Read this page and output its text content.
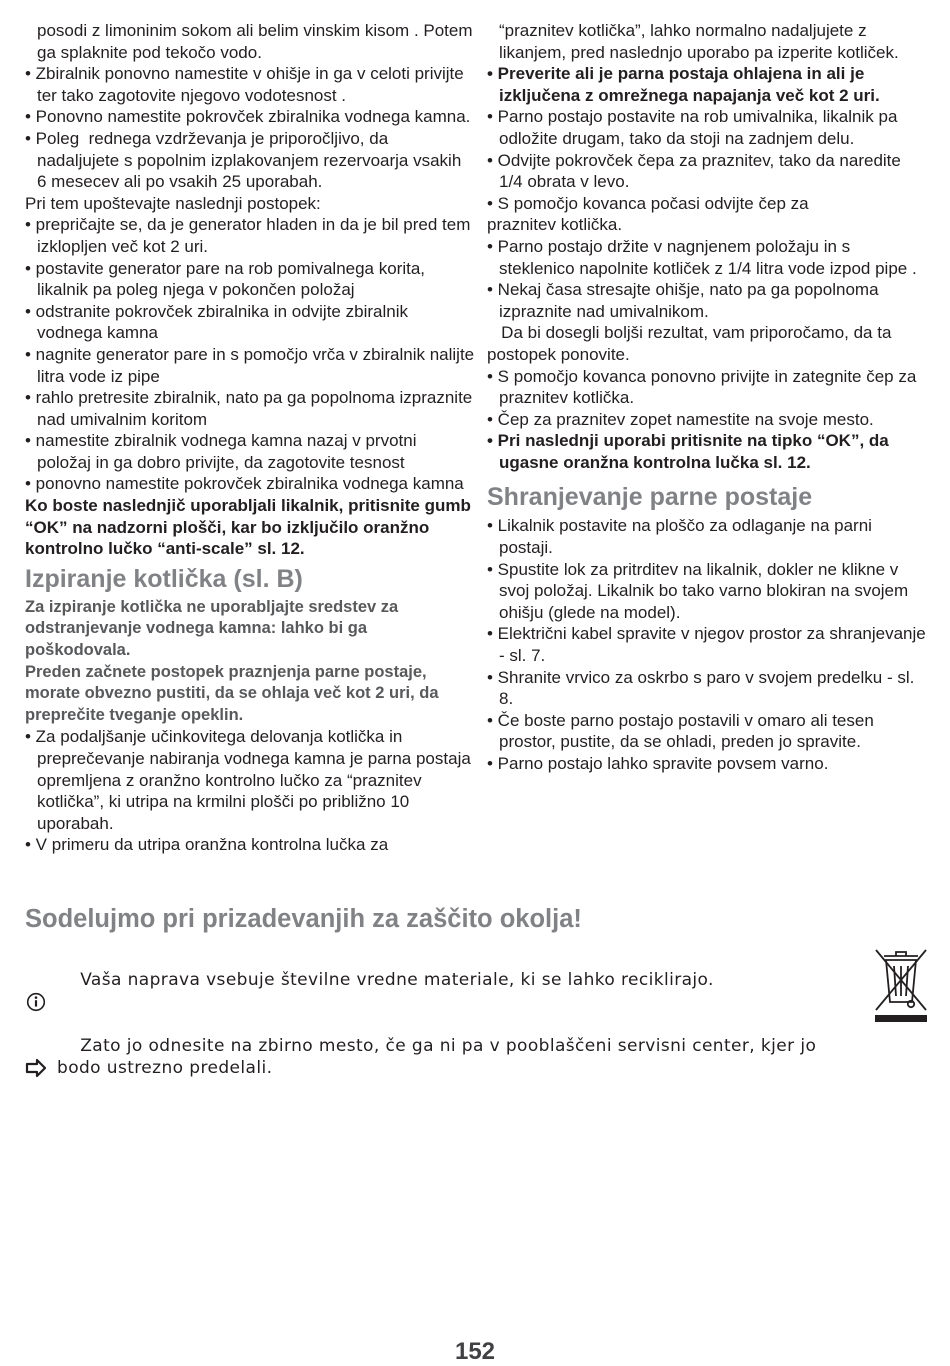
posodi z limoninim sokom ali belim vinskim kisom . Potem ga splaknite pod tekočo vodo.

• Zbiralnik ponovno namestite v ohišje in ga v celoti privijte ter tako zagotovite njegovo vodotesnost .

• Ponovno namestite pokrovček zbiralnika vodnega kamna.

• Poleg  rednega vzdrževanja je priporočljivo, da nadaljujete s popolnim izplakovanjem rezervoarja vsakih 6 mesecev ali po vsakih 25 uporabah.

Pri tem upoštevajte naslednji postopek:

• prepričajte se, da je generator hladen in da je bil pred tem izklopljen več kot 2 uri.

• postavite generator pare na rob pomivalnega korita, likalnik pa poleg njega v pokončen položaj

• odstranite pokrovček zbiralnika in odvijte zbiralnik vodnega kamna

• nagnite generator pare in s pomočjo vrča v zbiralnik nalijte   litra vode iz pipe

• rahlo pretresite zbiralnik, nato pa ga popolnoma izpraznite nad umivalnim koritom

• namestite zbiralnik vodnega kamna nazaj v prvotni položaj in ga dobro privijte, da zagotovite tesnost

• ponovno namestite pokrovček zbiralnika vodnega kamna

Ko boste naslednjič uporabljali likalnik, pritisnite gumb “OK” na nadzorni plošči, kar bo izključilo oranžno kontrolno lučko “anti-scale” sl. 12.

Izpiranje kotlička (sl. B)

Za izpiranje kotlička ne uporabljajte sredstev za odstranjevanje vodnega kamna: lahko bi ga poškodovala.

Preden začnete postopek praznjenja parne postaje, morate obvezno pustiti, da se ohlaja več kot 2 uri, da preprečite tveganje opeklin.

• Za podaljšanje učinkovitega delovanja kotlička in preprečevanje nabiranja vodnega kamna je parna postaja opremljena z oranžno kontrolno lučko za “praznitev kotlička”, ki utripa na krmilni plošči po približno 10 uporabah.

• V primeru da utripa oranžna kontrolna lučka za

“praznitev kotlička”, lahko normalno nadaljujete z likanjem, pred naslednjo uporabo pa izperite kotliček.

• Preverite ali je parna postaja ohlajena in ali je izključena z omrežnega napajanja več kot 2 uri.

• Parno postajo postavite na rob umivalnika, likalnik pa odložite drugam, tako da stoji na zadnjem delu.

• Odvijte pokrovček čepa za praznitev, tako da naredite 1/4 obrata v levo.

• S pomočjo kovanca počasi odvijte čep za

praznitev kotlička.

• Parno postajo držite v nagnjenem položaju in s steklenico napolnite kotliček z 1/4 litra vode izpod pipe .

• Nekaj časa stresajte ohišje, nato pa ga popolnoma izpraznite nad umivalnikom.

Da bi dosegli boljši rezultat, vam priporočamo, da ta postopek ponovite.

• S pomočjo kovanca ponovno privijte in zategnite čep za praznitev kotlička.

• Čep za praznitev zopet namestite na svoje mesto.

• Pri naslednji uporabi pritisnite na tipko “OK”, da ugasne oranžna kontrolna lučka sl. 12.

Shranjevanje parne postaje

• Likalnik postavite na ploščo za odlaganje na parni postaji.

• Spustite lok za pritrditev na likalnik, dokler ne klikne v svoj položaj. Likalnik bo tako varno blokiran na svojem ohišju (glede na model).

• Električni kabel spravite v njegov prostor za shranjevanje - sl. 7.

• Shranite vrvico za oskrbo s paro v svojem predelku - sl. 8.

• Če boste parno postajo postavili v omaro ali tesen prostor, pustite, da se ohladi, preden jo spravite.

• Parno postajo lahko spravite povsem varno.

Sodelujmo pri prizadevanjih za zaščito okolja!

Vaša naprava vsebuje številne vredne materiale, ki se lahko reciklirajo.

Zato jo odnesite na zbirno mesto, če ga ni pa v pooblaščeni servisni center, kjer jo bodo ustrezno predelali.

152
